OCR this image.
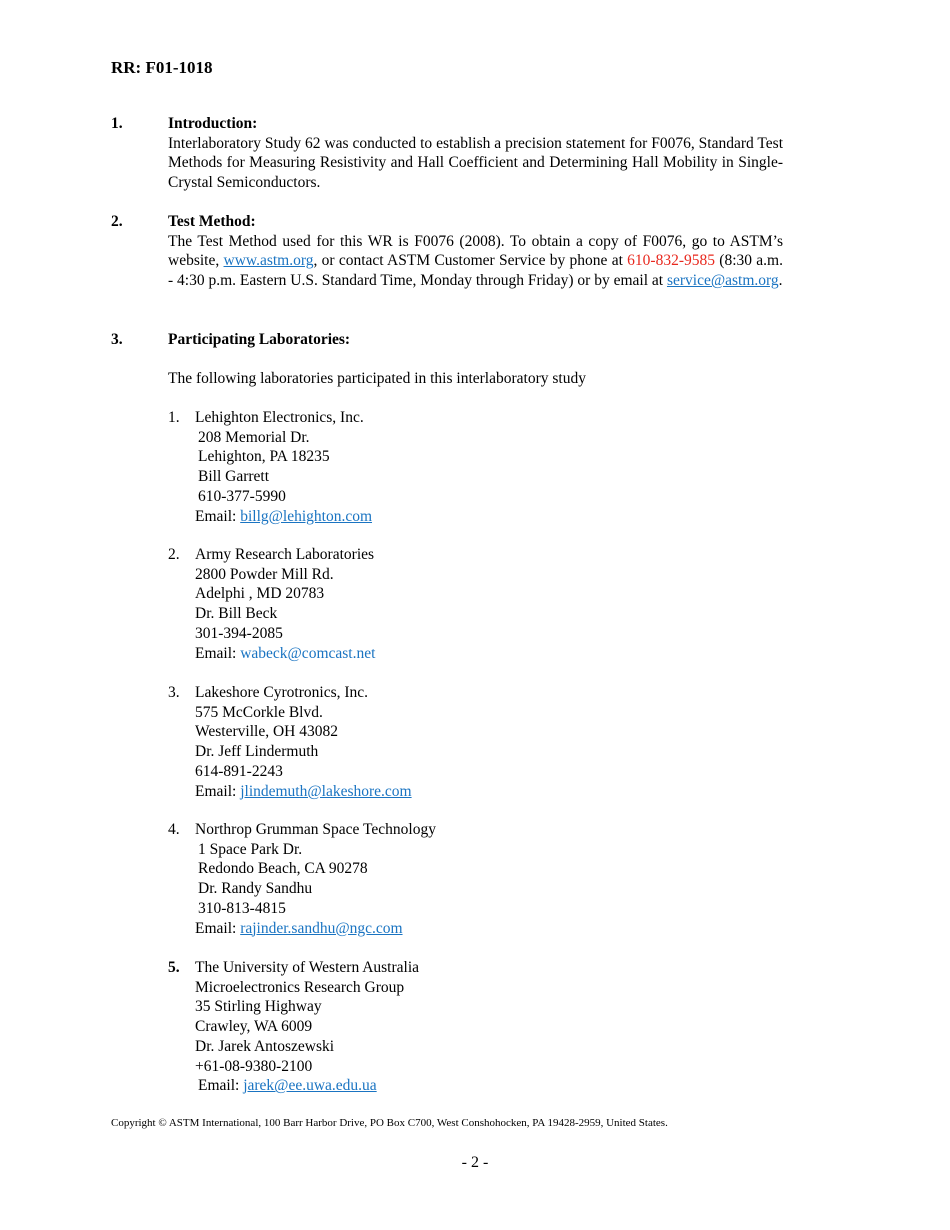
RR: F01-1018
1.	Introduction:
Interlaboratory Study 62 was conducted to establish a precision statement for F0076, Standard Test Methods for Measuring Resistivity and Hall Coefficient and Determining Hall Mobility in Single-Crystal Semiconductors.
2.	Test Method:
The Test Method used for this WR is F0076 (2008). To obtain a copy of F0076, go to ASTM’s website, www.astm.org, or contact ASTM Customer Service by phone at 610-832-9585 (8:30 a.m. - 4:30 p.m. Eastern U.S. Standard Time, Monday through Friday) or by email at service@astm.org.
3.	Participating Laboratories:
The following laboratories participated in this interlaboratory study
1. Lehighton Electronics, Inc.
208 Memorial Dr.
Lehighton, PA 18235
Bill Garrett
610-377-5990
Email: billg@lehighton.com
2. Army Research Laboratories
2800 Powder Mill Rd.
Adelphi , MD 20783
Dr. Bill Beck
301-394-2085
Email: wabeck@comcast.net
3. Lakeshore Cyrotronics, Inc.
575 McCorkle Blvd.
Westerville, OH 43082
Dr. Jeff Lindermuth
614-891-2243
Email: jlindemuth@lakeshore.com
4. Northrop Grumman Space Technology
1 Space Park Dr.
Redondo Beach, CA 90278
Dr. Randy Sandhu
310-813-4815
Email: rajinder.sandhu@ngc.com
5. The University of Western Australia
Microelectronics Research Group
35 Stirling Highway
Crawley, WA 6009
Dr. Jarek Antoszewski
+61-08-9380-2100
Email: jarek@ee.uwa.edu.ua
Copyright © ASTM International, 100 Barr Harbor Drive, PO Box C700, West Conshohocken, PA 19428-2959, United States.
- 2 -
